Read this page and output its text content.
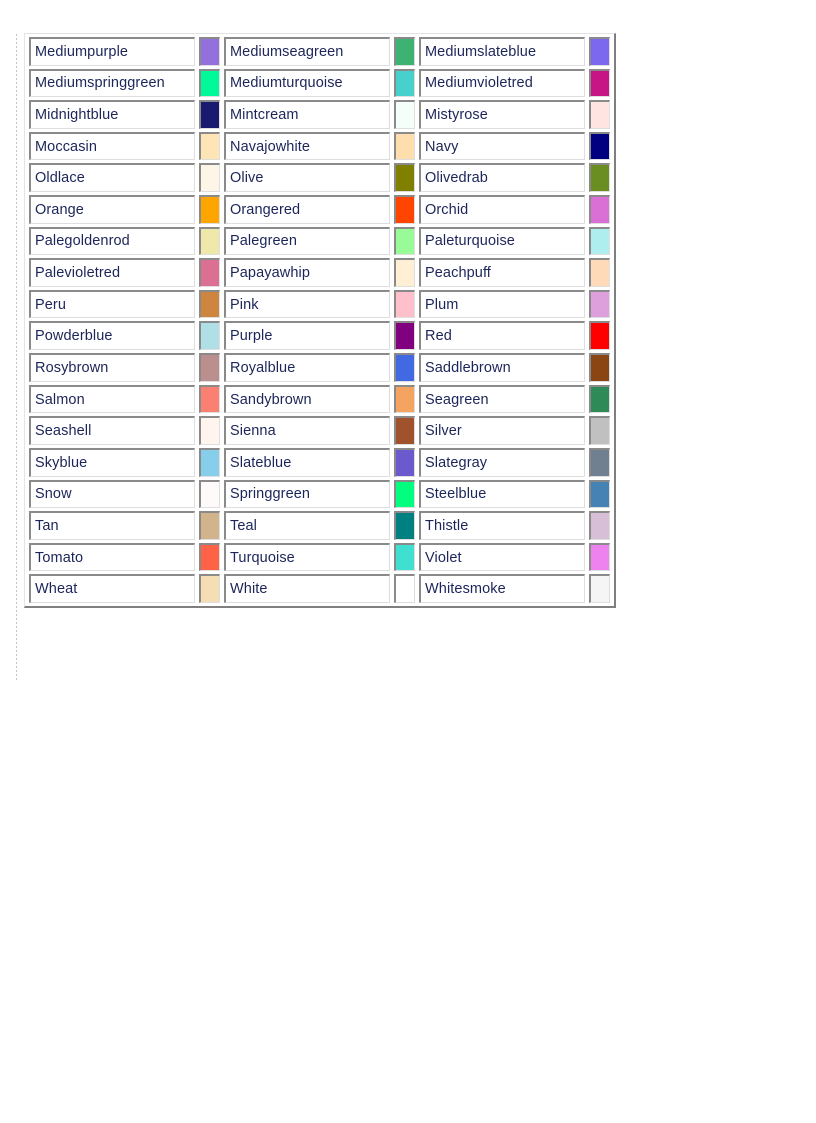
Mediumpurple		Mediumseagreen		Mediumslateblue	

Mediumspringgreen		Mediumturquoise		Mediumvioletred	

Midnightblue		Mintcream		Mistyrose	

Moccasin		Navajowhite		Navy	

Oldlace		Olive		Olivedrab	

Orange		Orangered		Orchid	

Palegoldenrod		Palegreen		Paleturquoise	

Palevioletred		Papayawhip		Peachpuff	

Peru		Pink		Plum	

Powderblue		Purple		Red	

Rosybrown		Royalblue		Saddlebrown	

Salmon		Sandybrown		Seagreen	

Seashell		Sienna		Silver	

Skyblue		Slateblue		Slategray	

Snow		Springgreen		Steelblue	

Tan		Teal		Thistle	

Tomato		Turquoise		Violet	

Wheat		White		Whitesmoke	
